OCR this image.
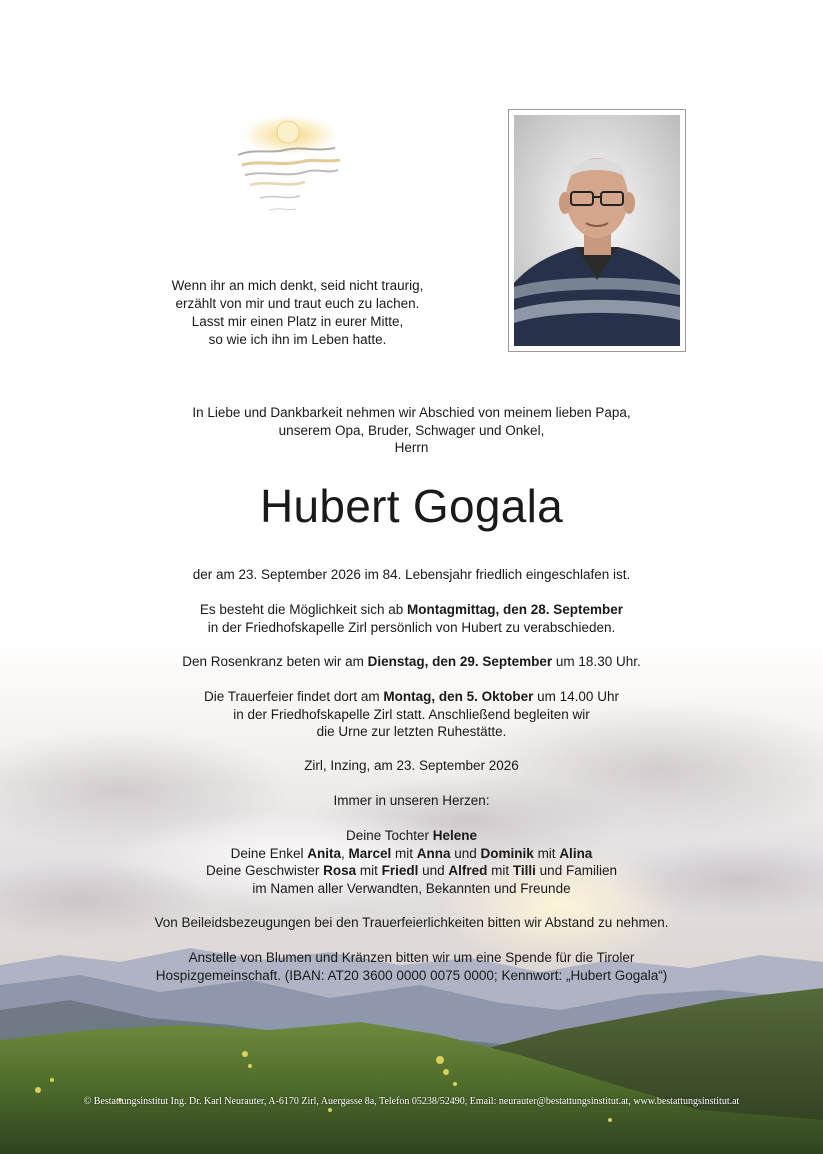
Wenn ihr an mich denkt, seid nicht traurig,
erzählt von mir und traut euch zu lachen.
Lasst mir einen Platz in eurer Mitte,
so wie ich ihn im Leben hatte.
In Liebe und Dankbarkeit nehmen wir Abschied von meinem lieben Papa,
unserem Opa, Bruder, Schwager und Onkel,
Herrn
Hubert Gogala
der am 23. September 2026 im 84. Lebensjahr friedlich eingeschlafen ist.
Es besteht die Möglichkeit sich ab Montagmittag, den 28. September
in der Friedhofskapelle Zirl persönlich von Hubert zu verabschieden.
Den Rosenkranz beten wir am Dienstag, den 29. September um 18.30 Uhr.
Die Trauerfeier findet dort am Montag, den 5. Oktober um 14.00 Uhr
in der Friedhofskapelle Zirl statt. Anschließend begleiten wir
die Urne zur letzten Ruhestätte.
Zirl, Inzing, am 23. September 2026
Immer in unseren Herzen:
Deine Tochter Helene
Deine Enkel Anita, Marcel mit Anna und Dominik mit Alina
Deine Geschwister Rosa mit Friedl und Alfred mit Tilli und Familien
im Namen aller Verwandten, Bekannten und Freunde
Von Beileidsbezeugungen bei den Trauerfeierlichkeiten bitten wir Abstand zu nehmen.
Anstelle von Blumen und Kränzen bitten wir um eine Spende für die Tiroler
Hospizgemeinschaft. (IBAN: AT20 3600 0000 0075 0000; Kennwort: „Hubert Gogala“)
© Bestattungsinstitut Ing. Dr. Karl Neurauter, A-6170 Zirl, Auergasse 8a, Telefon 05238/52490, Email: neurauter@bestattungsinstitut.at, www.bestattungsinstitut.at
